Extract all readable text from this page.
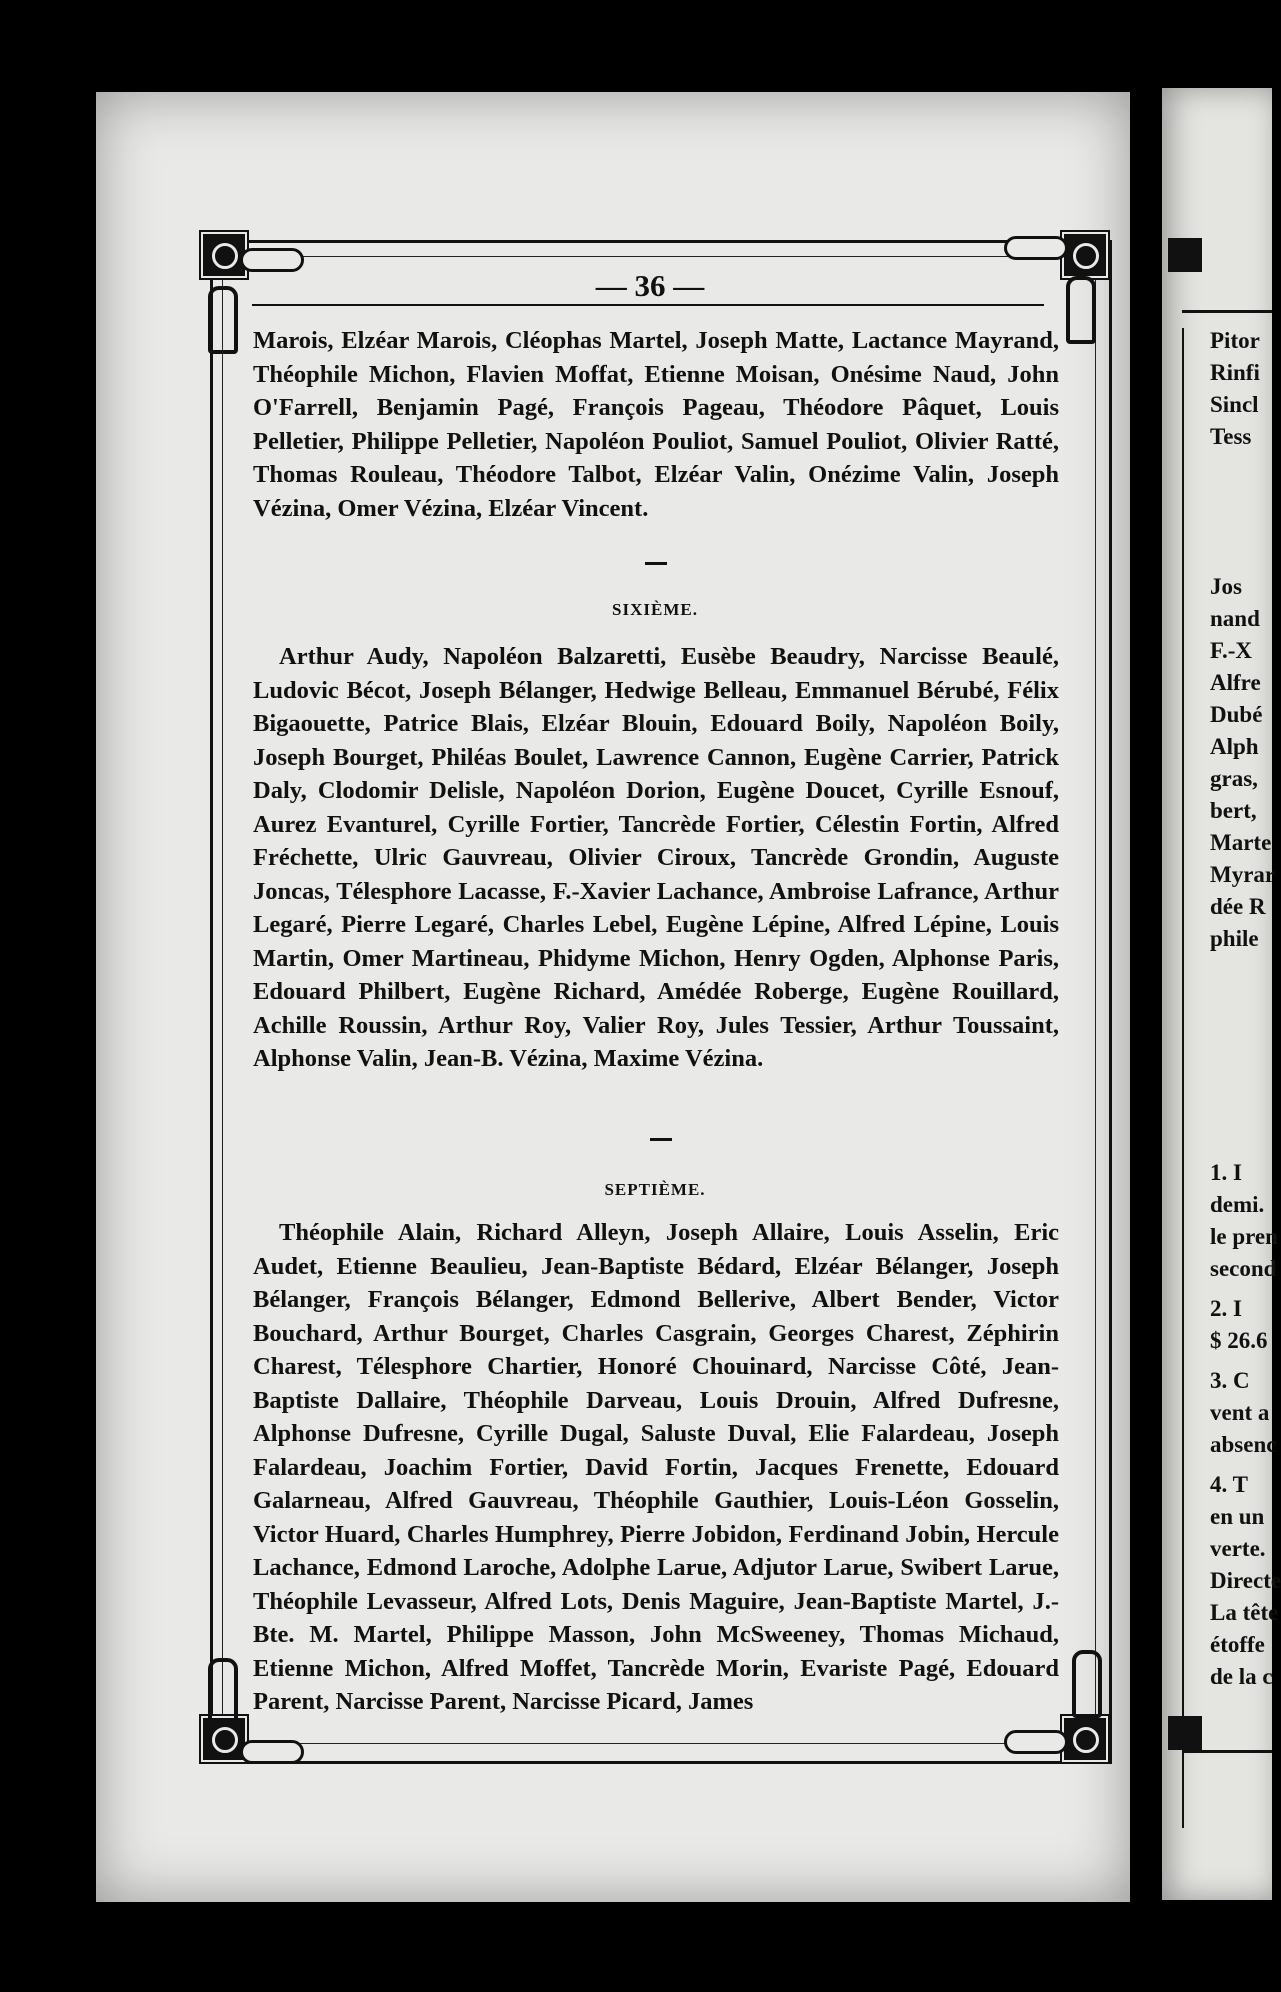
— 36 —

Marois, Elzéar Marois, Cléophas Martel, Joseph Matte, Lactance Mayrand, Théophile Michon, Flavien Moffat, Etienne Moisan, Onésime Naud, John O'Farrell, Benjamin Pagé, François Pageau, Théodore Pâquet, Louis Pelletier, Philippe Pelletier, Napoléon Pouliot, Samuel Pouliot, Olivier Ratté, Thomas Rouleau, Théodore Talbot, Elzéar Valin, Onézime Valin, Joseph Vézina, Omer Vézina, Elzéar Vincent.

SIXIÈME.

Arthur Audy, Napoléon Balzaretti, Eusèbe Beaudry, Narcisse Beaulé, Ludovic Bécot, Joseph Bélanger, Hedwige Belleau, Emmanuel Bérubé, Félix Bigaouette, Patrice Blais, Elzéar Blouin, Edouard Boily, Napoléon Boily, Joseph Bourget, Philéas Boulet, Lawrence Cannon, Eugène Carrier, Patrick Daly, Clodomir Delisle, Napoléon Dorion, Eugène Doucet, Cyrille Esnouf, Aurez Evanturel, Cyrille Fortier, Tancrède Fortier, Célestin Fortin, Alfred Fréchette, Ulric Gauvreau, Olivier Ciroux, Tancrède Grondin, Auguste Joncas, Télesphore Lacasse, F.-Xavier Lachance, Ambroise Lafrance, Arthur Legaré, Pierre Legaré, Charles Lebel, Eugène Lépine, Alfred Lépine, Louis Martin, Omer Martineau, Phidyme Michon, Henry Ogden, Alphonse Paris, Edouard Philbert, Eugène Richard, Amédée Roberge, Eugène Rouillard, Achille Roussin, Arthur Roy, Valier Roy, Jules Tessier, Arthur Toussaint, Alphonse Valin, Jean-B. Vézina, Maxime Vézina.

SEPTIÈME.

Théophile Alain, Richard Alleyn, Joseph Allaire, Louis Asselin, Eric Audet, Etienne Beaulieu, Jean-Baptiste Bédard, Elzéar Bélanger, Joseph Bélanger, François Bélanger, Edmond Bellerive, Albert Bender, Victor Bouchard, Arthur Bourget, Charles Casgrain, Georges Charest, Zéphirin Charest, Télesphore Chartier, Honoré Chouinard, Narcisse Côté, Jean-Baptiste Dallaire, Théophile Darveau, Louis Drouin, Alfred Dufresne, Alphonse Dufresne, Cyrille Dugal, Saluste Duval, Elie Falardeau, Joseph Falardeau, Joachim Fortier, David Fortin, Jacques Frenette, Edouard Galarneau, Alfred Gauvreau, Théophile Gauthier, Louis-Léon Gosselin, Victor Huard, Charles Humphrey, Pierre Jobidon, Ferdinand Jobin, Hercule Lachance, Edmond Laroche, Adolphe Larue, Adjutor Larue, Swibert Larue, Théophile Levasseur, Alfred Lots, Denis Maguire, Jean-Baptiste Martel, J.-Bte. M. Martel, Philippe Masson, John McSweeney, Thomas Michaud, Etienne Michon, Alfred Moffet, Tancrède Morin, Evariste Pagé, Edouard Parent, Narcisse Parent, Narcisse Picard, James

Pitor
Rinfi
Sincl
Tess
Jos
nand
F.-X
Alfre
Dubé
Alph
gras,
bert,
Marte
Myrar
dée R
phile
1. I
demi.
le pren
second
2. I
$ 26.6
3. C
vent a
absenc
4. T
en un
verte.
Directe
La tête
étoffe
de la c
